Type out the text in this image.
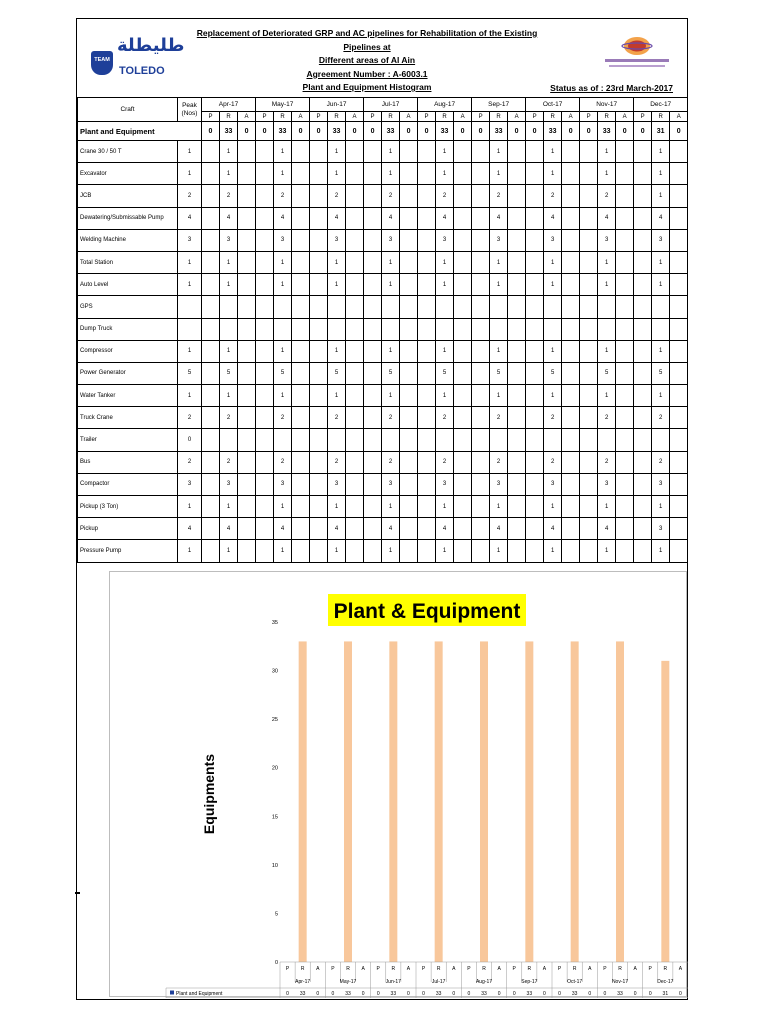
TEAM
طليطلة
TOLEDO
Replacement of Deteriorated GRP and AC pipelines for Rehabilitation of the Existing Pipelines at
Different areas of Al Ain
Agreement Number : A-6003.1
Plant and Equipment Histogram	Status as of : 23rd March-2017
Craft	Peak (Nos)	Apr-17			May-17			Jun-17			Jul-17			Aug-17			Sep-17			Oct-17			Nov-17			Dec-17		
		P	R	A	P	R	A	P	R	A	P	R	A	P	R	A	P	R	A	P	R	A	P	R	A	P	R	A
Plant and Equipment		0	33	0	0	33	0	0	33	0	0	33	0	0	33	0	0	33	0	0	33	0	0	33	0	0	31	0
Crane 30 / 50 T	1		1			1			1			1			1			1			1			1			1	
Excavator	1		1			1			1			1			1			1			1			1			1	
JCB	2		2			2			2			2			2			2			2			2			1	
Dewatering/Submissable Pump	4		4			4			4			4			4			4			4			4			4	
Welding Machine	3		3			3			3			3			3			3			3			3			3	
Total Station	1		1			1			1			1			1			1			1			1			1	
Auto Level	1		1			1			1			1			1			1			1			1			1	
GPS																												
Dump Truck																												
Compressor	1		1			1			1			1			1			1			1			1			1	
Power Generator	5		5			5			5			5			5			5			5			5			5	
Water Tanker	1		1			1			1			1			1			1			1			1			1	
Truck Crane	2		2			2			2			2			2			2			2			2			2	
Trailer	0																											
Bus	2		2			2			2			2			2			2			2			2			2	
Compactor	3		3			3			3			3			3			3			3			3			3	
Pickup (3 Ton)	1		1			1			1			1			1			1			1			1			1	
Pickup	4		4			4			4			4			4			4			4			4			3	
Pressure Pump	1		1			1			1			1			1			1			1			1			1	
Plant & Equipment
Equipments
0
5
10
15
20
25
30
35
P
0
R
33
A
0
P
0
R
33
A
0
P
0
R
33
A
0
P
0
R
33
A
0
P
0
R
33
A
0
P
0
R
33
A
0
P
0
R
33
A
0
P
0
R
33
A
0
P
0
R
31
A
0
Apr-17	May-17	Jun-17	Jul-17	Aug-17	Sep-17	Oct-17	Nov-17	Dec-17
Plant and Equipment
